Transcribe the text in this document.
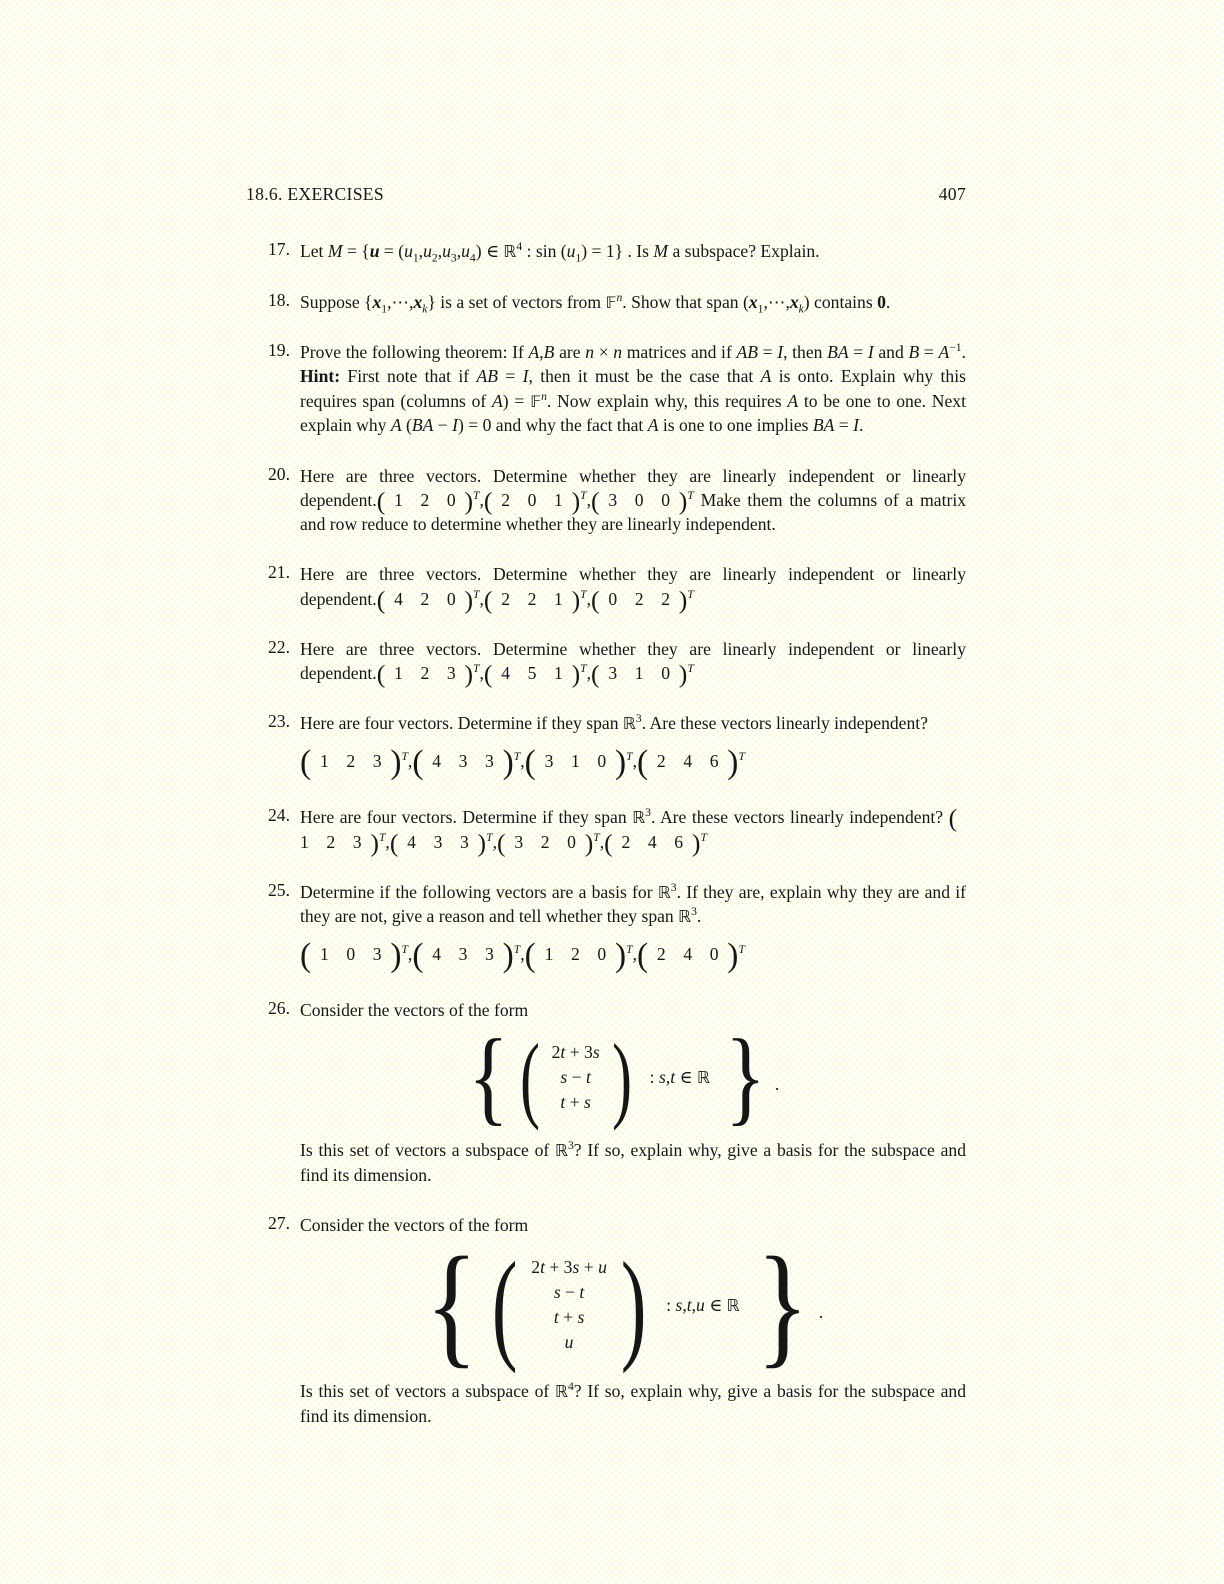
18.6. EXERCISES	407
17. Let $M = \{u = (u_1,u_2,u_3,u_4)$ ∈ ℝ$^4$ : $\sin (u_1) = 1$} . Is M a subspace? Explain.
18. Suppose $\{x_1,\cdots,x_k\}$ is a set of vectors from 𝔽$^n$. Show that span $(x_1,\cdots,x_k)$ contains 0.
19. Prove the following theorem: If A,B are n × n matrices and if AB = I, then BA = I and $B = A^{-1}$. Hint: First note that if AB = I, then it must be the case that A is onto. Explain why this requires span (columns of A) = 𝔽$^n$. Now explain why, this requires A to be one to one. Next explain why A (BA − I) = 0 and why the fact that A is one to one implies BA = I.
20. Here are three vectors. Determine whether they are linearly independent or linearly dependent.( 1  2  0 )$^T$,( 2  0  1 )$^T$,( 3  0  0 )$^T$ Make them the columns of a matrix and row reduce to determine whether they are linearly independent.
21. Here are three vectors. Determine whether they are linearly independent or linearly dependent.( 4  2  0 )$^T$,( 2  2  1 )$^T$,( 0  2  2 )$^T$
22. Here are three vectors. Determine whether they are linearly independent or linearly dependent.( 1  2  3 )$^T$,( 4  5  1 )$^T$,( 3  1  0 )$^T$
23. Here are four vectors. Determine if they span ℝ$^3$. Are these vectors linearly independent?
( 1  2  3 )$^T$,( 4  3  3 )$^T$,( 3  1  0 )$^T$,( 2  4  6 )$^T$
24. Here are four vectors. Determine if they span ℝ$^3$. Are these vectors linearly independent? ( 1  2  3 )$^T$,( 4  3  3 )$^T$,( 3  2  0 )$^T$,( 2  4  6 )$^T$
25. Determine if the following vectors are a basis for ℝ$^3$. If they are, explain why they are and if they are not, give a reason and tell whether they span ℝ$^3$.
( 1  0  3 )$^T$,( 4  3  3 )$^T$,( 1  2  0 )$^T$,( 2  4  0 )$^T$
26. Consider the vectors of the form
{ ( 2t + 3s
s − t
t + s ) : s,t ∈ ℝ } .
Is this set of vectors a subspace of ℝ$^3$? If so, explain why, give a basis for the subspace and find its dimension.
27. Consider the vectors of the form
{ ( 2t + 3s + u
s − t
t + s
u ) : s,t,u ∈ ℝ } .
Is this set of vectors a subspace of ℝ$^4$? If so, explain why, give a basis for the subspace and find its dimension.
